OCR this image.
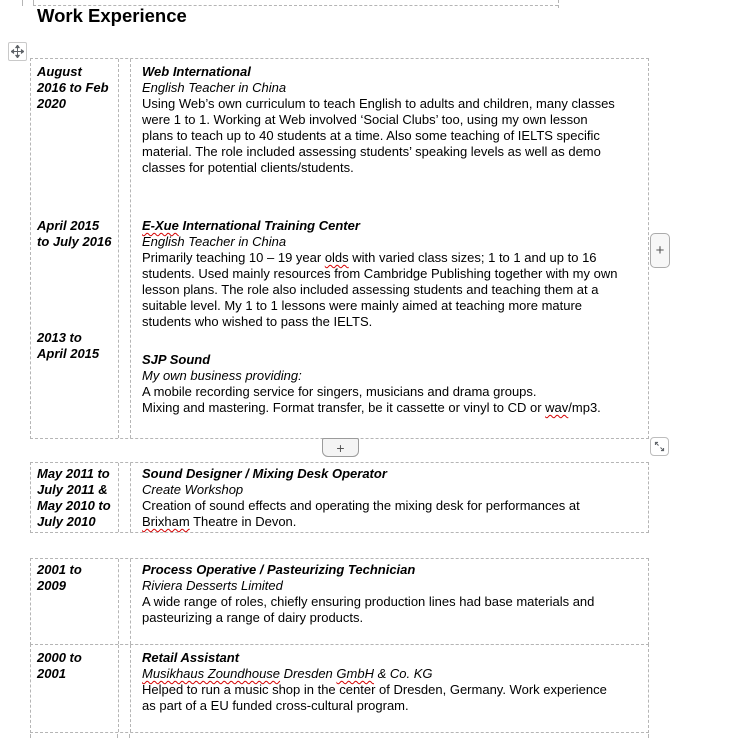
Work Experience
August
2016 to Feb
2020
April 2015
to July 2016
2013 to
April 2015
Web International
English Teacher in China
Using Web’s own curriculum to teach English to adults and children, many classes
were 1 to 1. Working at Web involved ‘Social Clubs’ too, using my own lesson
plans to teach up to 40 students at a time. Also some teaching of IELTS specific
material. The role included assessing students’ speaking levels as well as demo
classes for potential clients/students.
E-Xue International Training Center
English Teacher in China
Primarily teaching 10 – 19 year olds with varied class sizes; 1 to 1 and up to 16
students. Used mainly resources from Cambridge Publishing together with my own
lesson plans. The role also included assessing students and teaching them at a
suitable level. My 1 to 1 lessons were mainly aimed at teaching more mature
students who wished to pass the IELTS.
SJP Sound
My own business providing:
A mobile recording service for singers, musicians and drama groups.
Mixing and mastering. Format transfer, be it cassette or vinyl to CD or wav/mp3.
+
+
May 2011 to
July 2011 &
May 2010 to
July 2010
Sound Designer / Mixing Desk Operator
Create Workshop
Creation of sound effects and operating the mixing desk for performances at
Brixham Theatre in Devon.
2001 to
2009
Process Operative / Pasteurizing Technician
Riviera Desserts Limited
A wide range of roles, chiefly ensuring production lines had base materials and
pasteurizing a range of dairy products.
2000 to
2001
Retail Assistant
Musikhaus Zoundhouse Dresden GmbH & Co. KG
Helped to run a music shop in the center of Dresden, Germany. Work experience
as part of a EU funded cross-cultural program.
